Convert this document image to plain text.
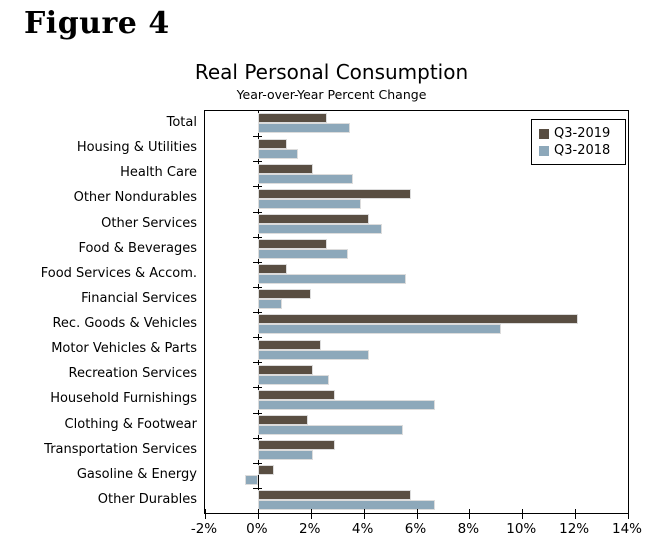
Figure 4
Real Personal Consumption
Year-over-Year Percent Change
Total
Housing & Utilities
Health Care
Other Nondurables
Other Services
Food & Beverages
Food Services & Accom.
Financial Services
Rec. Goods & Vehicles
Motor Vehicles & Parts
Recreation Services
Household Furnishings
Clothing & Footwear
Transportation Services
Gasoline & Energy
Other Durables
Q3-2019
Q3-2018
-2%	0%	2%	4%	6%	8%	10%	12%	14%
